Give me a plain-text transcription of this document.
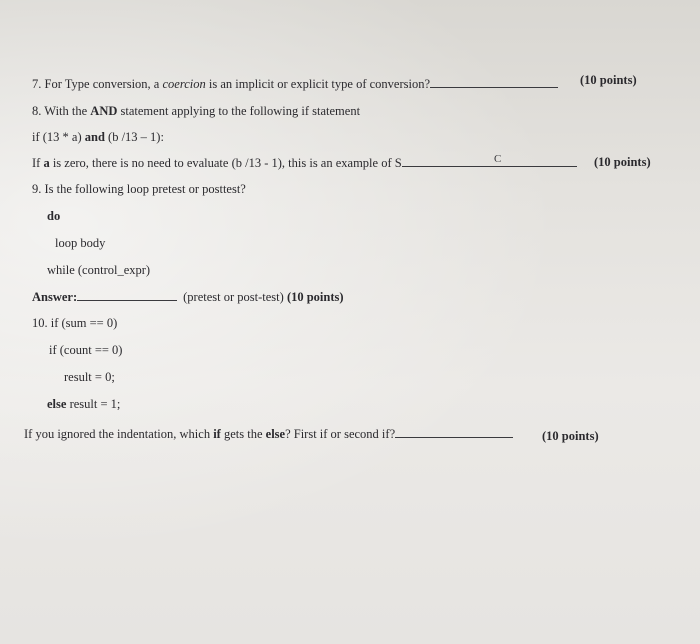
7. For Type conversion, a coercion is an implicit or explicit type of conversion?	(10 points)
8. With the AND statement applying to the following if statement
if (13 * a) and (b /13 – 1):
If a is zero, there is no need to evaluate (b /13 - 1), this is an example of S	C	(10 points)
9. Is the following loop pretest or posttest?
do
loop body
while (control_expr)
Answer:	(pretest or post-test) (10 points)
10. if (sum == 0)
if (count == 0)
result = 0;
else result = 1;
If you ignored the indentation, which if gets the else? First if or second if?	(10 points)
